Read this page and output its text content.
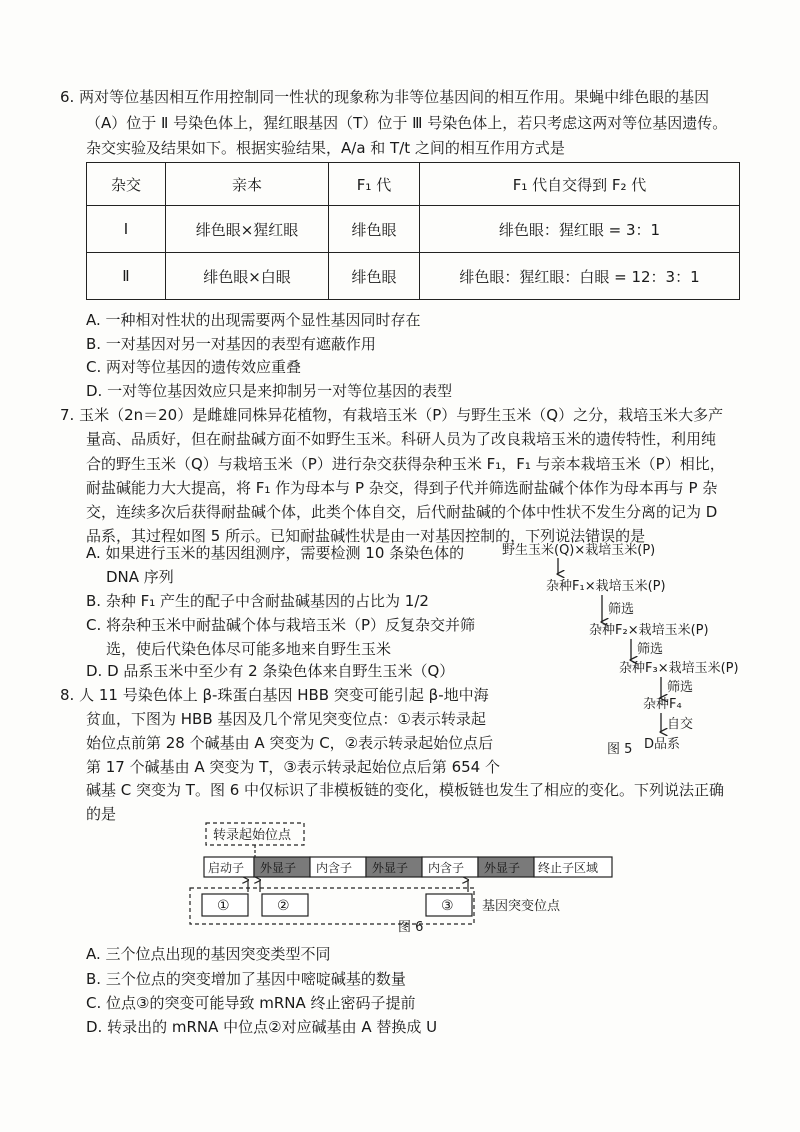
6. 两对等位基因相互作用控制同一性状的现象称为非等位基因间的相互作用。果蝇中绯色眼的基因
（A）位于 Ⅱ 号染色体上，猩红眼基因（T）位于 Ⅲ 号染色体上，若只考虑这两对等位基因遗传。
杂交实验及结果如下。根据实验结果，A/a 和 T/t 之间的相互作用方式是
杂交	亲本	F₁ 代	F₁ 代自交得到 F₂ 代
Ⅰ	绯色眼×猩红眼	绯色眼	绯色眼：猩红眼 = 3：1
Ⅱ	绯色眼×白眼	绯色眼	绯色眼：猩红眼：白眼 = 12：3：1
A. 一种相对性状的出现需要两个显性基因同时存在
B. 一对基因对另一对基因的表型有遮蔽作用
C. 两对等位基因的遗传效应重叠
D. 一对等位基因效应只是来抑制另一对等位基因的表型
7. 玉米（2n＝20）是雌雄同株异花植物，有栽培玉米（P）与野生玉米（Q）之分，栽培玉米大多产
量高、品质好，但在耐盐碱方面不如野生玉米。科研人员为了改良栽培玉米的遗传特性，利用纯
合的野生玉米（Q）与栽培玉米（P）进行杂交获得杂种玉米 F₁，F₁ 与亲本栽培玉米（P）相比，
耐盐碱能力大大提高，将 F₁ 作为母本与 P 杂交，得到子代并筛选耐盐碱个体作为母本再与 P 杂
交，连续多次后获得耐盐碱个体，此类个体自交，后代耐盐碱的个体中性状不发生分离的记为 D
品系，其过程如图 5 所示。已知耐盐碱性状是由一对基因控制的，下列说法错误的是
A. 如果进行玉米的基因组测序，需要检测 10 条染色体的
DNA 序列
B. 杂种 F₁ 产生的配子中含耐盐碱基因的占比为 1/2
C. 将杂种玉米中耐盐碱个体与栽培玉米（P）反复杂交并筛
选，使后代染色体尽可能多地来自野生玉米
D. D 品系玉米中至少有 2 条染色体来自野生玉米（Q）
野生玉米(Q)×栽培玉米(P)
杂种F₁×栽培玉米(P)
筛选
杂种F₂×栽培玉米(P)
筛选
杂种F₃×栽培玉米(P)
筛选
杂种F₄
自交
D品系
图 5
8. 人 11 号染色体上 β-珠蛋白基因 HBB 突变可能引起 β-地中海
贫血，下图为 HBB 基因及几个常见突变位点：①表示转录起
始位点前第 28 个碱基由 A 突变为 C，②表示转录起始位点后
第 17 个碱基由 A 突变为 T，③表示转录起始位点后第 654 个
碱基 C 突变为 T。图 6 中仅标识了非模板链的变化，模板链也发生了相应的变化。下列说法正确
的是
转录起始位点
启动子 外显子 内含子 外显子 内含子 外显子 终止子区域
①	②	③ 基因突变位点
图 6
A. 三个位点出现的基因突变类型不同
B. 三个位点的突变增加了基因中嘧啶碱基的数量
C. 位点③的突变可能导致 mRNA 终止密码子提前
D. 转录出的 mRNA 中位点②对应碱基由 A 替换成 U
